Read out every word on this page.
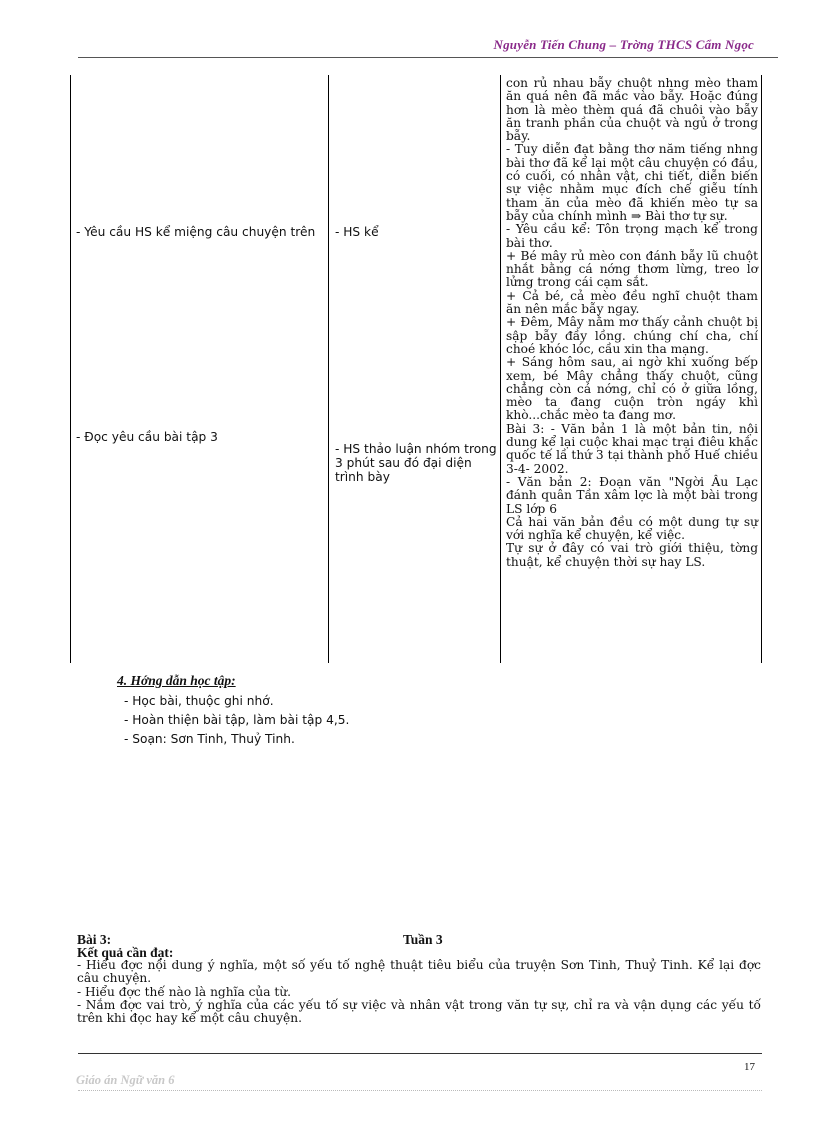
Nguyễn Tiến Chung – Trờng THCS Cẩm Ngọc
- Yêu cầu HS kể miệng câu chuyện trên
- Đọc yêu cầu bài tập 3
- HS kể
- HS thảo luận nhóm trong 3 phút sau đó đại diện trình bày

con rủ nhau bẫy chuột nhng mèo tham ăn quá nên đã mắc vào bẫy. Hoặc đúng hơn là mèo thèm quá đã chuôi vào bẫy ăn tranh phần của chuột và ngủ ở trong bẫy.

- Tuy diễn đạt bằng thơ năm tiếng nhng bài thơ đã kể lại một câu chuyện có đầu, có cuối, có nhân vật, chi tiết, diễn biến sự việc nhằm mục đích chế giễu tính tham ăn của mèo đã khiến mèo tự sa bẫy của chính mình ⇒ Bài thơ tự sự.

- Yêu cầu kể: Tôn trọng mạch kể trong bài thơ.

+ Bé mây rủ mèo con đánh bẫy lũ chuột nhắt bằng cá nớng thơm lừng, treo lơ lửng trong cái cạm sắt.

+ Cả bé, cả mèo đều nghĩ chuột tham ăn nên mắc bẫy ngay.

+ Đêm, Mây nằm mơ thấy cảnh chuột bị sập bẫy đầy lồng. chúng chí cha, chí choé khóc lóc, cầu xin tha mạng.

+ Sáng hôm sau, ai ngờ khi xuống bếp xem, bé Mây chẳng thấy chuột, cũng chẳng còn cá nớng, chỉ có ở giữa lồng, mèo ta đang cuộn tròn ngáy khì khò...chắc mèo ta đang mơ.

Bài 3: - Văn bản 1 là một bản tin, nội dung kể lại cuộc khai mạc trại điêu khắc quốc tế lầ thứ 3 tại thành phố Huế chiều 3-4- 2002.

- Văn bản 2: Đoạn văn "Ngời Âu Lạc đánh quân Tần xâm lợc là một bài trong LS lớp 6

Cả hai văn bản đều có một dung tự sự với nghĩa kể chuyện, kể việc.

Tự sự ở đây có vai trò giới thiệu, tờng thuật, kể chuyện thời sự hay LS.

4. Hớng dẫn học tập:
- Học bài, thuộc ghi nhớ.
- Hoàn thiện bài tập, làm bài tập 4,5.
- Soạn: Sơn Tinh, Thuỷ Tinh.
Bài 3:	Tuần 3

Kết quả cần đạt:

- Hiểu đợc nội dung ý nghĩa, một số yếu tố nghệ thuật tiêu biểu của truyện Sơn Tinh, Thuỷ Tinh. Kể lại đợc câu chuyện.

- Hiểu đợc thế nào là nghĩa của từ.

- Nắm đợc vai trò, ý nghĩa của các yếu tố sự việc và nhân vật trong văn tự sự, chỉ ra và vận dụng các yếu tố trên khi đọc hay kể một câu chuyện.

17
Giáo án Ngữ văn 6
